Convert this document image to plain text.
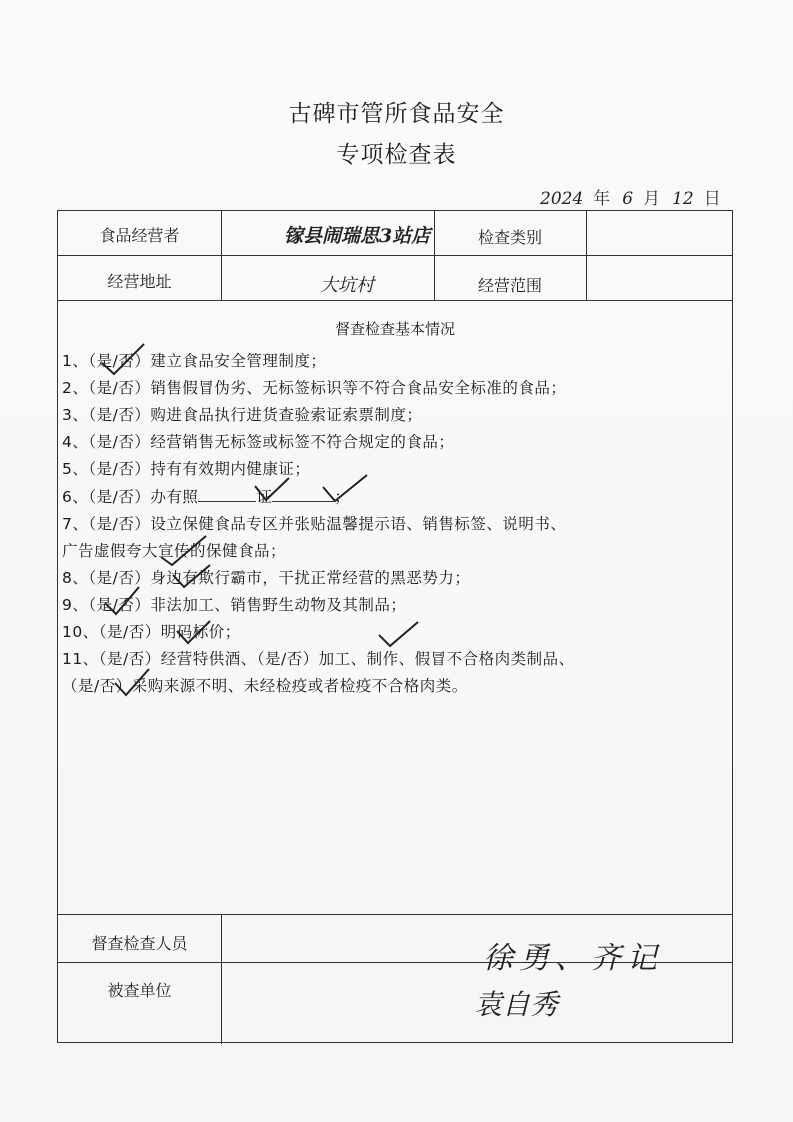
古碑市管所食品安全
专项检查表
2024 年 6 月 12 日
食品经营者	镓县闹瑞思3站店	检查类别
经营地址	大坑村	经营范围
督查检查基本情况
1、（是/否）建立食品安全管理制度；
2、（是/否）销售假冒伪劣、无标签标识等不符合食品安全标准的食品；
3、（是/否）购进食品执行进货查验索证索票制度；
4、（是/否）经营销售无标签或标签不符合规定的食品；
5、（是/否）持有有效期内健康证；
6、（是/否）办有照	证	；
7、（是/否）设立保健食品专区并张贴温馨提示语、销售标签、说明书、
广告虚假夸大宣传的保健食品；
8、（是/否）身边有欺行霸市，干扰正常经营的黑恶势力；
9、（是/否）非法加工、销售野生动物及其制品；
10、（是/否）明码标价；
11、（是/否）经营特供酒、（是/否）加工、制作、假冒不合格肉类制品、
（是/否）采购来源不明、未经检疫或者检疫不合格肉类。
督查检查人员	徐勇、齐记
被查单位	袁自秀
